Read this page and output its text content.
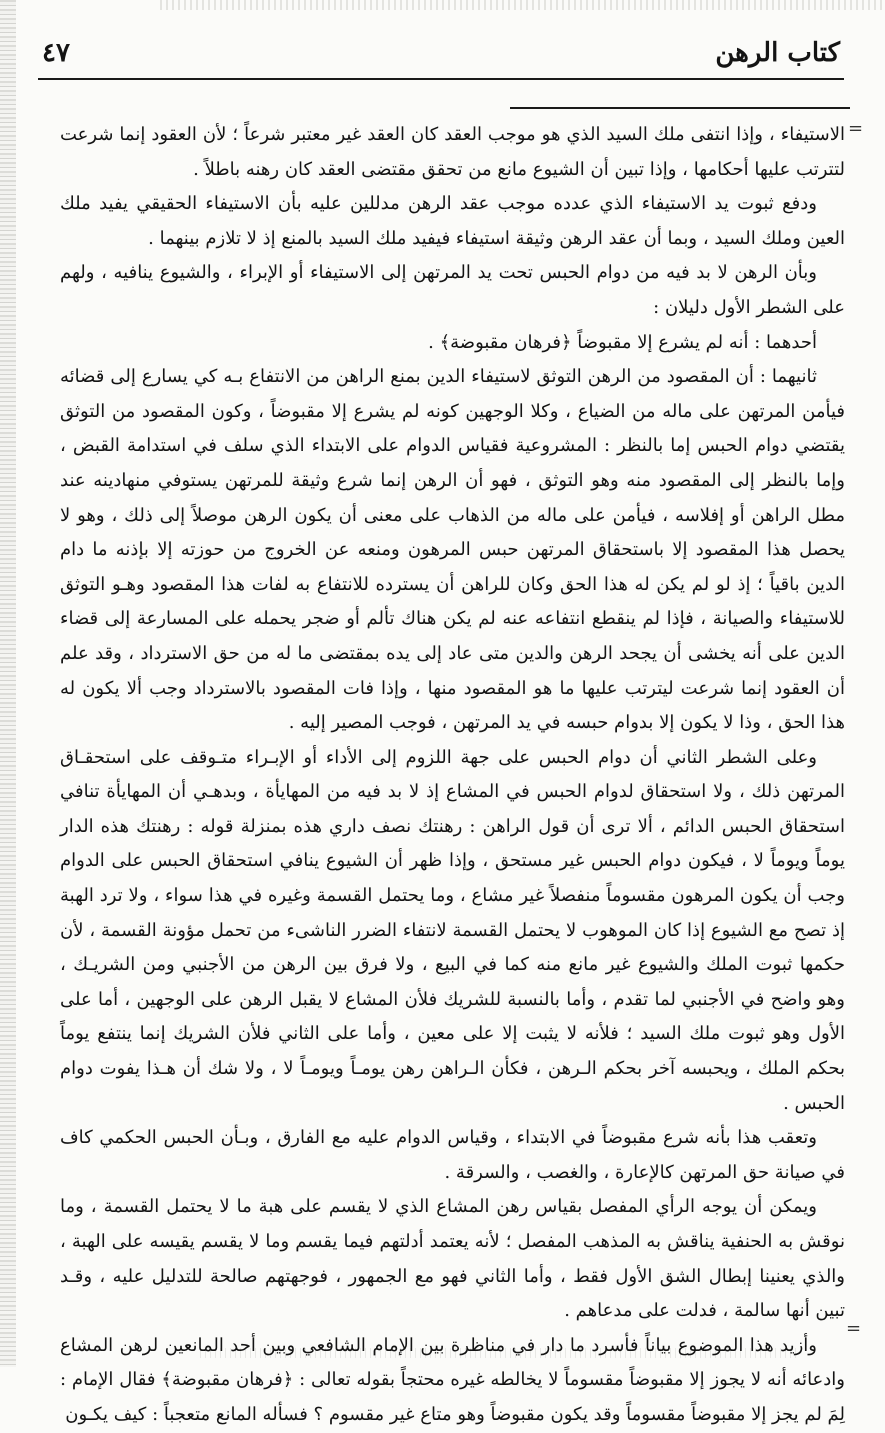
كتاب الرهن
٤٧
=
=

الاستيفاء ، وإذا انتفى ملك السيد الذي هو موجب العقد كان العقد غير معتبر شرعاً ؛ لأن العقود إنما شرعت لتترتب عليها أحكامها ، وإذا تبين أن الشيوع مانع من تحقق مقتضى العقد كان رهنه باطلاً .

ودفع ثبوت يد الاستيفاء الذي عدده موجب عقد الرهن مدللين عليه بأن الاستيفاء الحقيقي يفيد ملك العين وملك السيد ، وبما أن عقد الرهن وثيقة استيفاء فيفيد ملك السيد بالمنع إذ لا تلازم بينهما .

وبأن الرهن لا بد فيه من دوام الحبس تحت يد المرتهن إلى الاستيفاء أو الإبراء ، والشيوع ينافيه ، ولهم على الشطر الأول دليلان :

أحدهما : أنه لم يشرع إلا مقبوضاً ﴿فرهان مقبوضة﴾ .

ثانيهما : أن المقصود من الرهن التوثق لاستيفاء الدين بمنع الراهن من الانتفاع بـه كي يسارع إلى قضائه فيأمن المرتهن على ماله من الضياع ، وكلا الوجهين كونه لم يشرع إلا مقبوضاً ، وكون المقصود من التوثق يقتضي دوام الحبس إما بالنظر : المشروعية فقياس الدوام على الابتداء الذي سلف في استدامة القبض ، وإما بالنظر إلى المقصود منه وهو التوثق ، فهو أن الرهن إنما شرع وثيقة للمرتهن يستوفي منهادينه عند مطل الراهن أو إفلاسه ، فيأمن على ماله من الذهاب على معنى أن يكون الرهن موصلاً إلى ذلك ، وهو لا يحصل هذا المقصود إلا باستحقاق المرتهن حبس المرهون ومنعه عن الخروج من حوزته إلا بإذنه ما دام الدين باقياً ؛ إذ لو لم يكن له هذا الحق وكان للراهن أن يسترده للانتفاع به لفات هذا المقصود وهـو التوثق للاستيفاء والصيانة ، فإذا لم ينقطع انتفاعه عنه لم يكن هناك تألم أو ضجر يحمله على المسارعة إلى قضاء الدين على أنه يخشى أن يجحد الرهن والدين متى عاد إلى يده بمقتضى ما له من حق الاسترداد ، وقد علم أن العقود إنما شرعت ليترتب عليها ما هو المقصود منها ، وإذا فات المقصود بالاسترداد وجب ألا يكون له هذا الحق ، وذا لا يكون إلا بدوام حبسه في يد المرتهن ، فوجب المصير إليه .

وعلى الشطر الثاني أن دوام الحبس على جهة اللزوم إلى الأداء أو الإبـراء متـوقف على استحقـاق المرتهن ذلك ، ولا استحقاق لدوام الحبس في المشاع إذ لا بد فيه من المهايأة ، وبدهـي أن المهايأة تنافي استحقاق الحبس الدائم ، ألا ترى أن قول الراهن : رهنتك نصف داري هذه بمنزلة قوله : رهنتك هذه الدار يوماً ويوماً لا ، فيكون دوام الحبس غير مستحق ، وإذا ظهر أن الشيوع ينافي استحقاق الحبس على الدوام وجب أن يكون المرهون مقسوماً منفصلاً غير مشاع ، وما يحتمل القسمة وغيره في هذا سواء ، ولا ترد الهبة إذ تصح مع الشيوع إذا كان الموهوب لا يحتمل القسمة لانتفاء الضرر الناشىء من تحمل مؤونة القسمة ، لأن حكمها ثبوت الملك والشيوع غير مانع منه كما في البيع ، ولا فرق بين الرهن من الأجنبي ومن الشريـك ، وهو واضح في الأجنبي لما تقدم ، وأما بالنسبة للشريك فلأن المشاع لا يقبل الرهن على الوجهين ، أما على الأول وهو ثبوت ملك السيد ؛ فلأنه لا يثبت إلا على معين ، وأما على الثاني فلأن الشريك إنما ينتفع يوماً بحكم الملك ، ويحبسه آخر بحكم الـرهن ، فكأن الـراهن رهن يومـاً ويومـاً لا ، ولا شك أن هـذا يفوت دوام الحبس .

وتعقب هذا بأنه شرع مقبوضاً في الابتداء ، وقياس الدوام عليه مع الفارق ، وبـأن الحبس الحكمي كاف في صيانة حق المرتهن كالإعارة ، والغصب ، والسرقة .

ويمكن أن يوجه الرأي المفصل بقياس رهن المشاع الذي لا يقسم على هبة ما لا يحتمل القسمة ، وما نوقش به الحنفية يناقش به المذهب المفصل ؛ لأنه يعتمد أدلتهم فيما يقسم وما لا يقسم يقيسه على الهبة ، والذي يعنينا إبطال الشق الأول فقط ، وأما الثاني فهو مع الجمهور ، فوجهتهم صالحة للتدليل عليه ، وقـد تبين أنها سالمة ، فدلت على مدعاهم .

وأزيد هذا الموضوع بياناً فأسرد ما دار في مناظرة بين الإمام الشافعي وبين أحد المانعين لرهن المشاع وادعائه أنه لا يجوز إلا مقبوضاً مقسوماً لا يخالطه غيره محتجاً بقوله تعالى : ﴿فرهان مقبوضة﴾ فقال الإمام : لِمَ لم يجز إلا مقبوضاً مقسوماً وقد يكون مقبوضاً وهو متاع غير مقسوم ؟ فسأله المانع متعجباً : كيف يكـون
